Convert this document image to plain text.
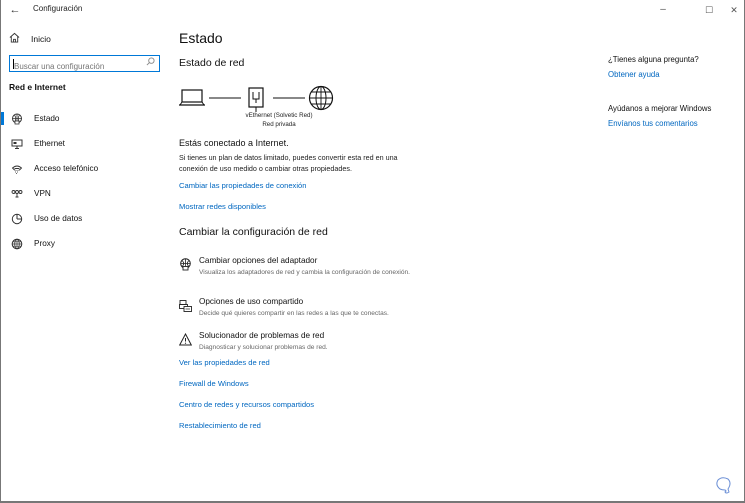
←	Configuración	–	☐	✕
Inicio
Buscar una configuración
Red e Internet
Estado
Ethernet
Acceso telefónico
VPN
Uso de datos
Proxy
Estado
Estado de red
vEthernet (Solvetic Red)
Red privada
Estás conectado a Internet.
Si tienes un plan de datos limitado, puedes convertir esta red en una conexión de uso medido o cambiar otras propiedades.
Cambiar las propiedades de conexión
Mostrar redes disponibles
Cambiar la configuración de red
Cambiar opciones del adaptador
Visualiza los adaptadores de red y cambia la configuración de conexión.
Opciones de uso compartido
Decide qué quieres compartir en las redes a las que te conectas.
Solucionador de problemas de red
Diagnosticar y solucionar problemas de red.
Ver las propiedades de red
Firewall de Windows
Centro de redes y recursos compartidos
Restablecimiento de red
¿Tienes alguna pregunta?
Obtener ayuda
Ayúdanos a mejorar Windows
Envíanos tus comentarios
